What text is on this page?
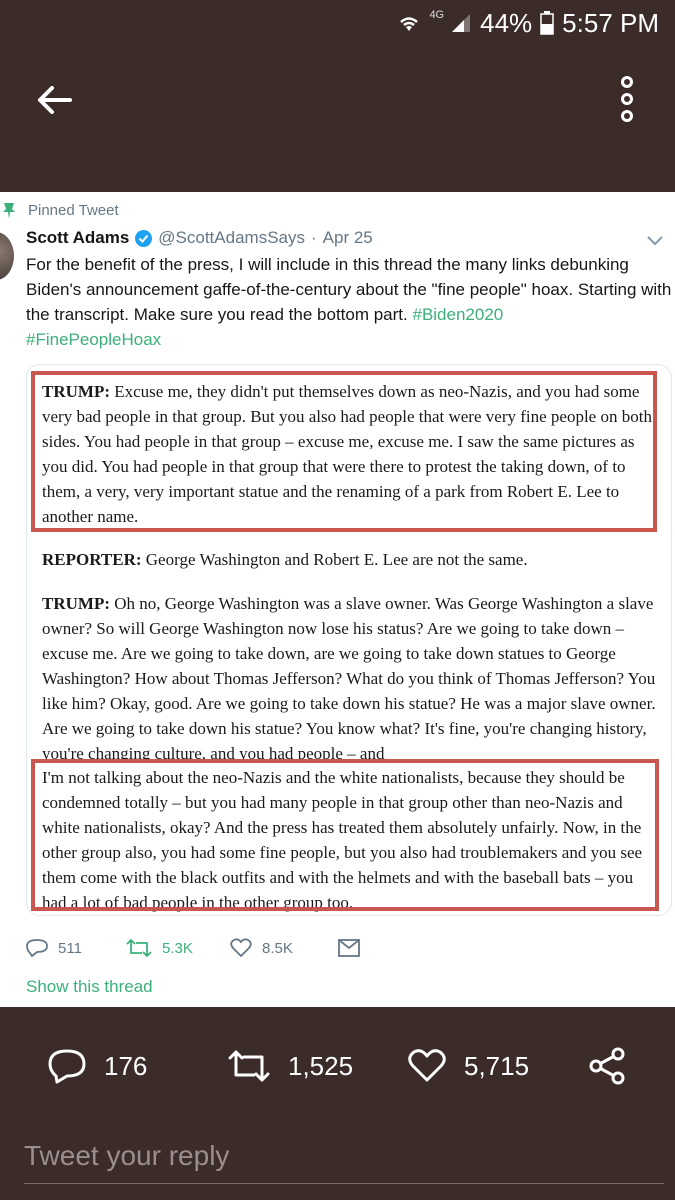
4G 44% 5:57 PM
Pinned Tweet
Scott Adams @ScottAdamsSays · Apr 25
For the benefit of the press, I will include in this thread the many links debunking Biden's announcement gaffe-of-the-century about the "fine people" hoax. Starting with the transcript. Make sure you read the bottom part. #Biden2020
#FinePeopleHoax
TRUMP: Excuse me, they didn't put themselves down as neo-Nazis, and you had some very bad people in that group. But you also had people that were very fine people on both sides. You had people in that group – excuse me, excuse me. I saw the same pictures as you did. You had people in that group that were there to protest the taking down, of to them, a very, very important statue and the renaming of a park from Robert E. Lee to another name.
REPORTER: George Washington and Robert E. Lee are not the same.
TRUMP: Oh no, George Washington was a slave owner. Was George Washington a slave owner? So will George Washington now lose his status? Are we going to take down – excuse me. Are we going to take down, are we going to take down statues to George Washington? How about Thomas Jefferson? What do you think of Thomas Jefferson? You like him? Okay, good. Are we going to take down his statue? He was a major slave owner. Are we going to take down his statue? You know what? It's fine, you're changing history, you're changing culture, and you had people – and
I'm not talking about the neo-Nazis and the white nationalists, because they should be condemned totally – but you had many people in that group other than neo-Nazis and white nationalists, okay? And the press has treated them absolutely unfairly. Now, in the other group also, you had some fine people, but you also had troublemakers and you see them come with the black outfits and with the helmets and with the baseball bats – you had a lot of bad people in the other group too.
511	5.3K	8.5K
Show this thread
176	1,525	5,715
Tweet your reply
